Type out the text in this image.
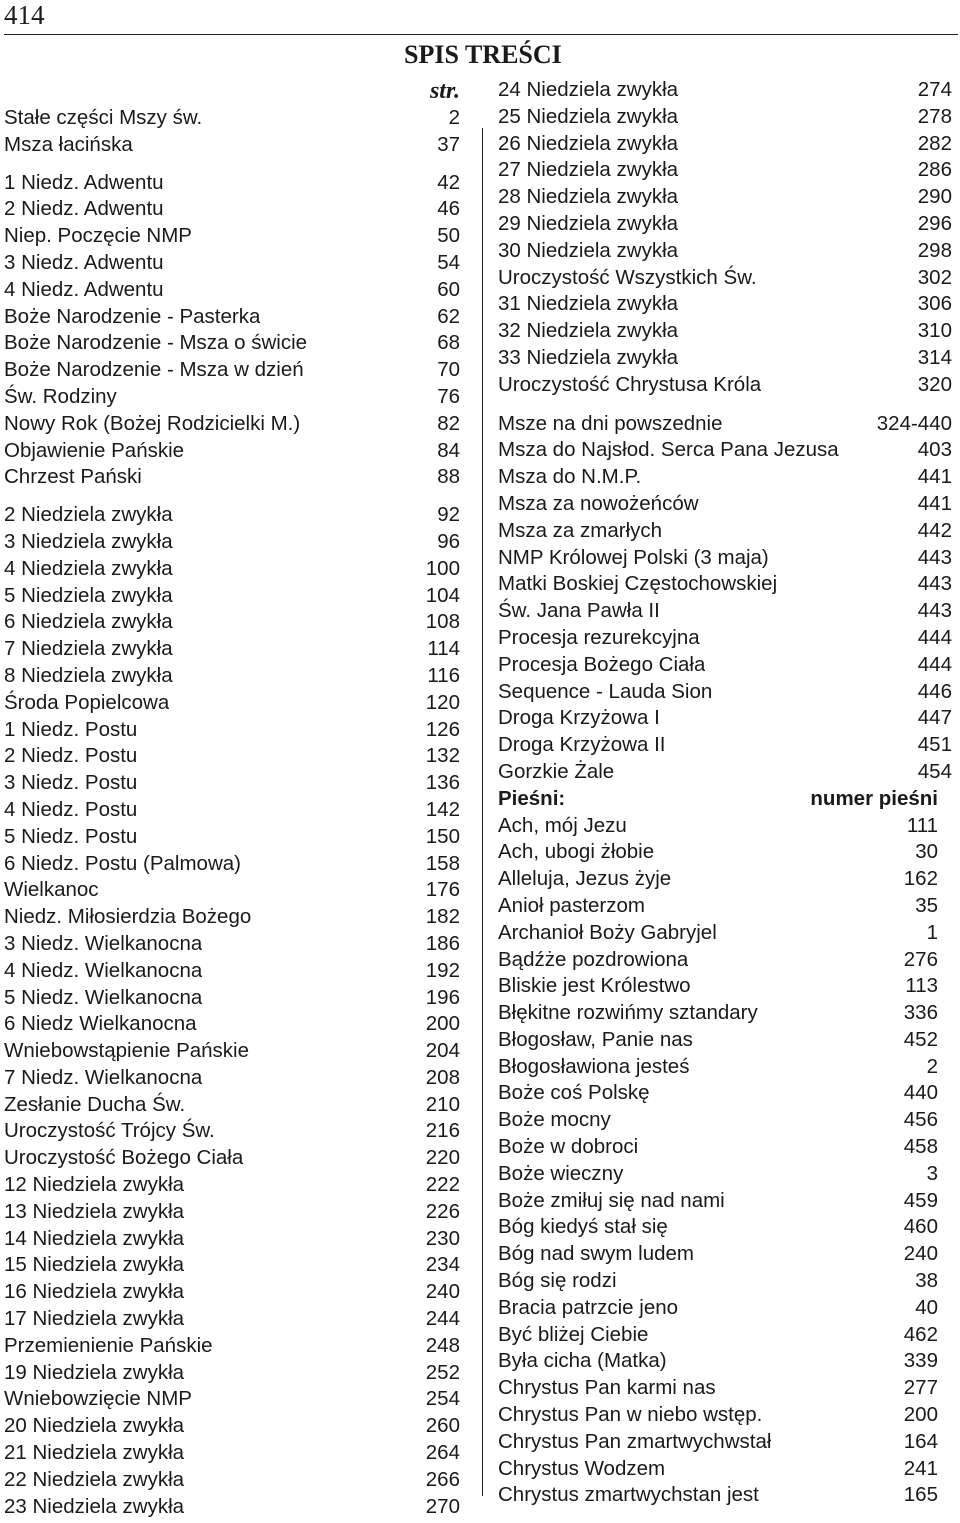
414
SPIS TREŚCI
str.
Stałe części Mszy św.	2
Msza łacińska	37
1 Niedz. Adwentu	42
2 Niedz. Adwentu	46
Niep. Poczęcie NMP	50
3 Niedz. Adwentu	54
4 Niedz. Adwentu	60
Boże Narodzenie - Pasterka	62
Boże Narodzenie - Msza o świcie	68
Boże Narodzenie - Msza w dzień	70
Św. Rodziny	76
Nowy Rok (Bożej Rodzicielki M.)	82
Objawienie Pańskie	84
Chrzest Pański	88
2 Niedziela zwykła	92
3 Niedziela zwykła	96
4 Niedziela zwykła	100
5 Niedziela zwykła	104
6 Niedziela zwykła	108
7 Niedziela zwykła	114
8 Niedziela zwykła	116
Środa Popielcowa	120
1 Niedz. Postu	126
2 Niedz. Postu	132
3 Niedz. Postu	136
4 Niedz. Postu	142
5 Niedz. Postu	150
6 Niedz. Postu (Palmowa)	158
Wielkanoc	176
Niedz. Miłosierdzia Bożego	182
3 Niedz. Wielkanocna	186
4 Niedz. Wielkanocna	192
5 Niedz. Wielkanocna	196
6 Niedz Wielkanocna	200
Wniebowstąpienie Pańskie	204
7 Niedz. Wielkanocna	208
Zesłanie Ducha Św.	210
Uroczystość Trójcy Św.	216
Uroczystość Bożego Ciała	220
12 Niedziela zwykła	222
13 Niedziela zwykła	226
14 Niedziela zwykła	230
15 Niedziela zwykła	234
16 Niedziela zwykła	240
17 Niedziela zwykła	244
Przemienienie Pańskie	248
19 Niedziela zwykła	252
Wniebowzięcie NMP	254
20 Niedziela zwykła	260
21 Niedziela zwykła	264
22 Niedziela zwykła	266
23 Niedziela zwykła	270
24 Niedziela zwykła	274
25 Niedziela zwykła	278
26 Niedziela zwykła	282
27 Niedziela zwykła	286
28 Niedziela zwykła	290
29 Niedziela zwykła	296
30 Niedziela zwykła	298
Uroczystość Wszystkich Św.	302
31 Niedziela zwykła	306
32 Niedziela zwykła	310
33 Niedziela zwykła	314
Uroczystość Chrystusa Króla	320
Msze na dni powszednie	324-440
Msza do Najsłod. Serca Pana Jezusa	403
Msza do N.M.P.	441
Msza za nowożeńców	441
Msza za zmarłych	442
NMP Królowej Polski (3 maja)	443
Matki Boskiej Częstochowskiej	443
Św. Jana Pawła II	443
Procesja rezurekcyjna	444
Procesja Bożego Ciała	444
Sequence - Lauda Sion	446
Droga Krzyżowa I	447
Droga Krzyżowa II	451
Gorzkie Żale	454
Pieśni:	numer pieśni
Ach, mój Jezu	111
Ach, ubogi żłobie	30
Alleluja, Jezus żyje	162
Anioł pasterzom	35
Archanioł Boży Gabryjel	1
Bądźże pozdrowiona	276
Bliskie jest Królestwo	113
Błękitne rozwińmy sztandary	336
Błogosław, Panie nas	452
Błogosławiona jesteś	2
Boże coś Polskę	440
Boże mocny	456
Boże w dobroci	458
Boże wieczny	3
Boże zmiłuj się nad nami	459
Bóg kiedyś stał się	460
Bóg nad swym ludem	240
Bóg się rodzi	38
Bracia patrzcie jeno	40
Być bliżej Ciebie	462
Była cicha (Matka)	339
Chrystus Pan karmi nas	277
Chrystus Pan w niebo wstęp.	200
Chrystus Pan zmartwychwstał	164
Chrystus Wodzem	241
Chrystus zmartwychstan jest	165
